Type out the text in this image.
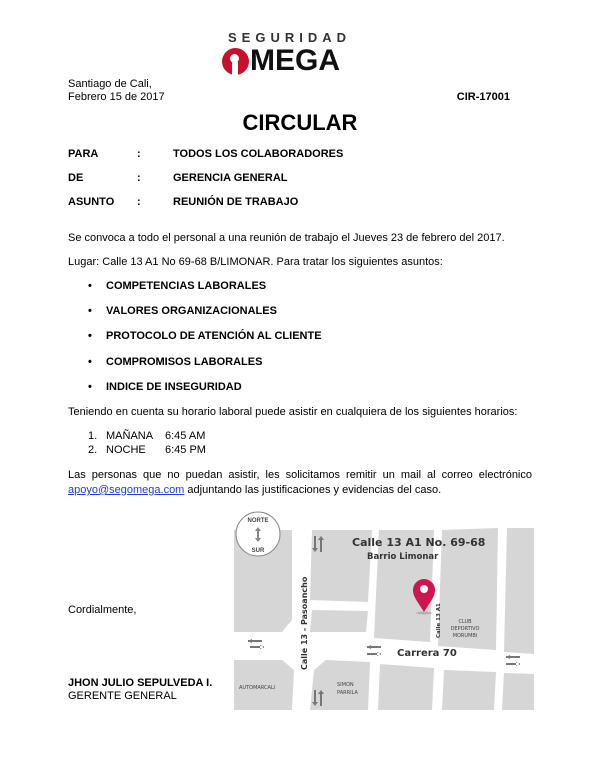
SEGURIDAD
MEGA
Santiago de Cali,
Febrero 15 de 2017	CIR-17001
CIRCULAR
PARA	:	TODOS LOS COLABORADORES
DE	:	GERENCIA GENERAL
ASUNTO :	REUNIÓN DE TRABAJO
Se convoca a todo el personal a una reunión de trabajo el Jueves 23 de febrero del 2017.
Lugar: Calle 13 A1 No 69-68 B/LIMONAR. Para tratar los siguientes asuntos:
COMPETENCIAS LABORALES
VALORES ORGANIZACIONALES
PROTOCOLO DE ATENCIÓN AL CLIENTE
COMPROMISOS LABORALES
INDICE DE INSEGURIDAD
Teniendo en cuenta su horario laboral puede asistir en cualquiera de los siguientes horarios:
1. MAÑANA 6:45 AM
2. NOCHE 6:45 PM
Las personas que no puedan asistir, les solicitamos remitir un mail al correo electrónico
apoyo@segomega.com adjuntando las justificaciones y evidencias del caso.
Cordialmente,
JHON JULIO SEPULVEDA I.
GERENTE GENERAL
NORTE
SUR
Calle 13 A1 No. 69-68
Barrio Limonar
Carrera 70
Calle 13 - Pasoancho	Calle 13 A1	CLUB
DEPORTIVO
MORUMBI
AUTOMARCALI	SIMON
PARRILA
